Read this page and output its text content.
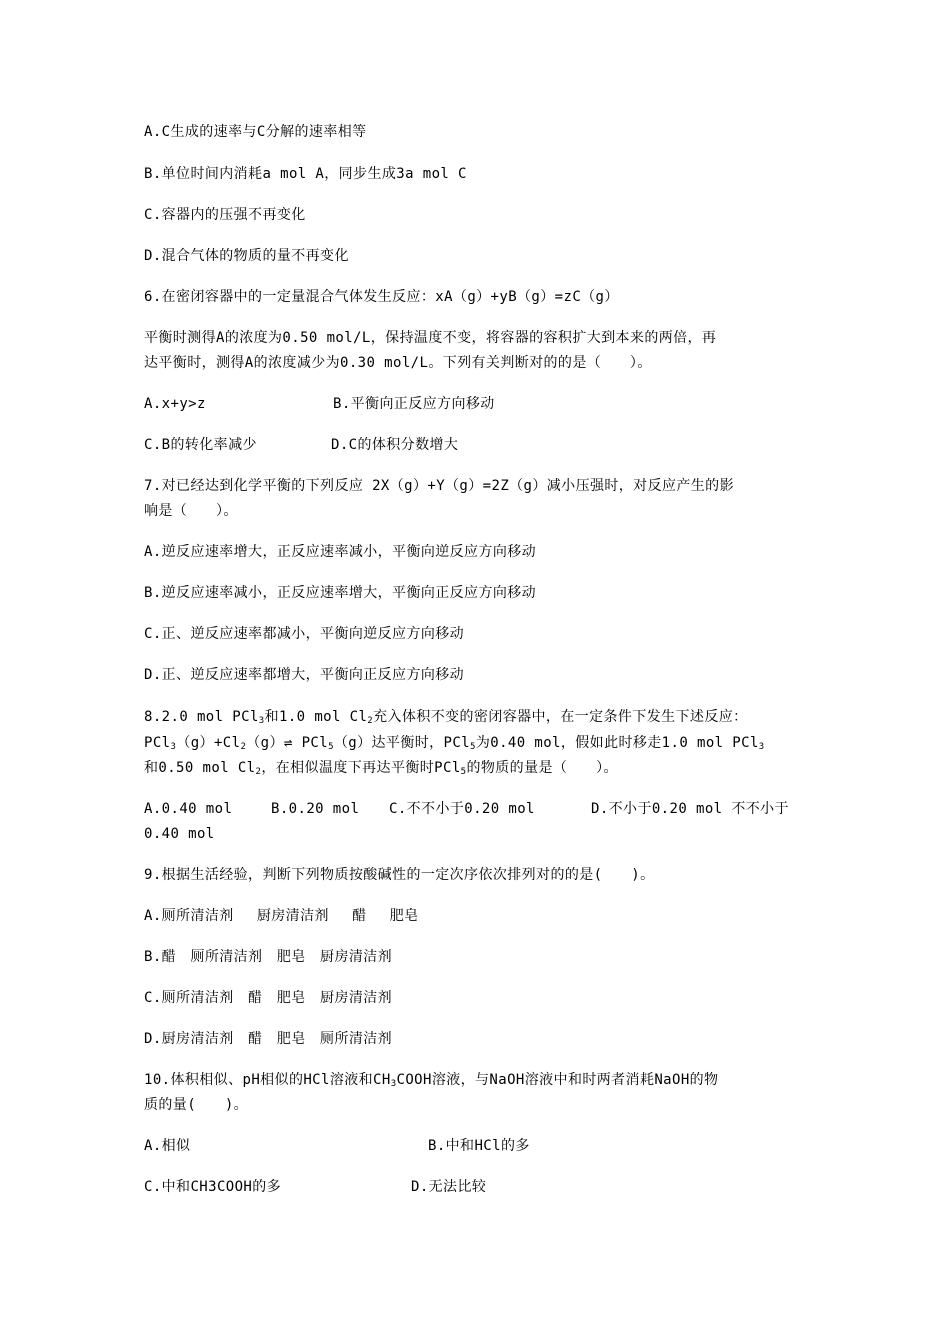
A.C生成的速率与C分解的速率相等
B.单位时间内消耗a mol A，同步生成3a mol C
C.容器内的压强不再变化
D.混合气体的物质的量不再变化
6.在密闭容器中的一定量混合气体发生反应：xA（g）+yB（g）=zC（g）
平衡时测得A的浓度为0.50 mol/L，保持温度不变，将容器的容积扩大到本来的两倍，再
达平衡时，测得A的浓度减少为0.30 mol/L。下列有关判断对的的是（　　）。
A.x+y>z	B.平衡向正反应方向移动
C.B的转化率减少	D.C的体积分数增大
7.对已经达到化学平衡的下列反应 2X（g）+Y（g）=2Z（g）减小压强时，对反应产生的影
响是（　　）。
A.逆反应速率增大，正反应速率减小，平衡向逆反应方向移动
B.逆反应速率减小，正反应速率增大，平衡向正反应方向移动
C.正、逆反应速率都减小，平衡向逆反应方向移动
D.正、逆反应速率都增大，平衡向正反应方向移动
8.2.0 mol PCl$_3$和1.0 mol $Cl_2$充入体积不变的密闭容器中，在一定条件下发生下述反应：
$PCl_3(g)+Cl_2(g)\rightleftharpoons$ PCl$_5$（g）达平衡时，PCl$_5$为0.40 mol，假如此时移走1.0 mol PCl$_3$
和0.50 mol $Cl_2$，在相似温度下再达平衡时PCl$_5$的物质的量是（　　）。
A.0.40 mol	B.0.20 mol C.不不小于0.20 mol	D.不小于0.20 mol 不不小于
0.40 mol
9.根据生活经验，判断下列物质按酸碱性的一定次序依次排列对的的是(　　)。
A.厕所清洁剂　 厨房清洁剂　 醋　 肥皂
B.醋　厕所清洁剂　肥皂　厨房清洁剂
C.厕所清洁剂　醋　肥皂　厨房清洁剂
D.厨房清洁剂　醋　肥皂　厕所清洁剂
10.体积相似、pH相似的HCl溶液和$CH_3COOH$溶液，与NaOH溶液中和时两者消耗NaOH的物
质的量(　　)。
A.相似	B.中和HCl的多
C.中和CH3COOH的多	D.无法比较
